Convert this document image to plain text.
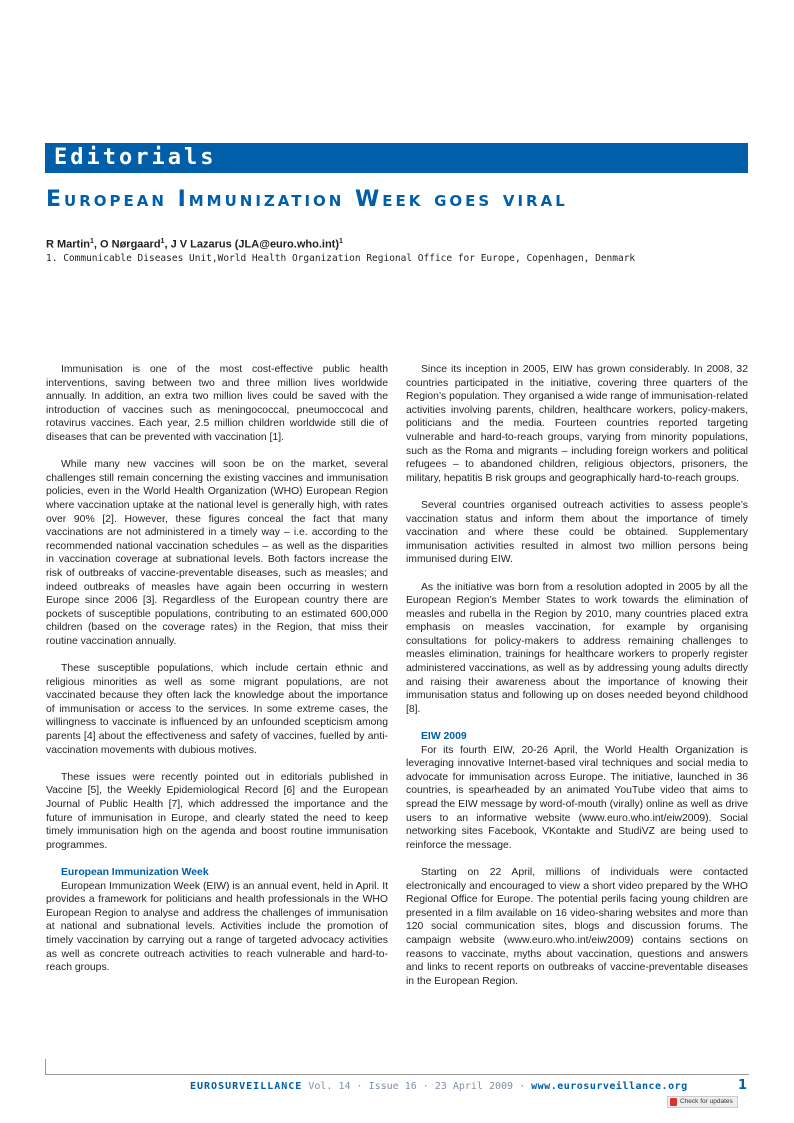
Editorials
European Immunization Week goes viral
R Martin$^1$, O Nørgaard$^1$, J V Lazarus (JLA@euro.who.int)$^1$
1. Communicable Diseases Unit,World Health Organization Regional Office for Europe, Copenhagen, Denmark

Immunisation is one of the most cost-effective public health interventions, saving between two and three million lives worldwide annually. In addition, an extra two million lives could be saved with the introduction of vaccines such as meningococcal, pneumoccocal and rotavirus vaccines. Each year, 2.5 million children worldwide still die of diseases that can be prevented with vaccination [1].

While many new vaccines will soon be on the market, several challenges still remain concerning the existing vaccines and immunisation policies, even in the World Health Organization (WHO) European Region where vaccination uptake at the national level is generally high, with rates over 90% [2]. However, these figures conceal the fact that many vaccinations are not administered in a timely way – i.e. according to the recommended national vaccination schedules – as well as the disparities in vaccination coverage at subnational levels. Both factors increase the risk of outbreaks of vaccine-preventable diseases, such as measles; and indeed outbreaks of measles have again been occurring in western Europe since 2006 [3]. Regardless of the European country there are pockets of susceptible populations, contributing to an estimated 600,000 children (based on the coverage rates) in the Region, that miss their routine vaccination annually.

These susceptible populations, which include certain ethnic and religious minorities as well as some migrant populations, are not vaccinated because they often lack the knowledge about the importance of immunisation or access to the services. In some extreme cases, the willingness to vaccinate is influenced by an unfounded scepticism among parents [4] about the effectiveness and safety of vaccines, fuelled by anti-vaccination movements with dubious motives.

These issues were recently pointed out in editorials published in Vaccine [5], the Weekly Epidemiological Record [6] and the European Journal of Public Health [7], which addressed the importance and the future of immunisation in Europe, and clearly stated the need to keep timely immunisation high on the agenda and boost routine immunisation programmes.

European Immunization Week

European Immunization Week (EIW) is an annual event, held in April. It provides a framework for politicians and health professionals in the WHO European Region to analyse and address the challenges of immunisation at national and subnational levels. Activities include the promotion of timely vaccination by carrying out a range of targeted advocacy activities as well as concrete outreach activities to reach vulnerable and hard-to-reach groups.

Since its inception in 2005, EIW has grown considerably. In 2008, 32 countries participated in the initiative, covering three quarters of the Region’s population. They organised a wide range of immunisation-related activities involving parents, children, healthcare workers, policy-makers, politicians and the media. Fourteen countries reported targeting vulnerable and hard-to-reach groups, varying from minority populations, such as the Roma and migrants – including foreign workers and political refugees – to abandoned children, religious objectors, prisoners, the military, hepatitis B risk groups and geographically hard-to-reach groups.

Several countries organised outreach activities to assess people’s vaccination status and inform them about the importance of timely vaccination and where these could be obtained. Supplementary immunisation activities resulted in almost two million persons being immunised during EIW.

As the initiative was born from a resolution adopted in 2005 by all the European Region’s Member States to work towards the elimination of measles and rubella in the Region by 2010, many countries placed extra emphasis on measles vaccination, for example by organising consultations for policy-makers to address remaining challenges to measles elimination, trainings for healthcare workers to properly register administered vaccinations, as well as by addressing young adults directly and raising their awareness about the importance of knowing their immunisation status and following up on doses needed beyond childhood [8].

EIW 2009

For its fourth EIW, 20-26 April, the World Health Organization is leveraging innovative Internet-based viral techniques and social media to advocate for immunisation across Europe. The initiative, launched in 36 countries, is spearheaded by an animated YouTube video that aims to spread the EIW message by word-of-mouth (virally) online as well as drive users to an informative website (www.euro.who.int/eiw2009). Social networking sites Facebook, VKontakte and StudiVZ are being used to reinforce the message.

Starting on 22 April, millions of individuals were contacted electronically and encouraged to view a short video prepared by the WHO Regional Office for Europe. The potential perils facing young children are presented in a film available on 16 video-sharing websites and more than 120 social communication sites, blogs and discussion forums. The campaign website (www.euro.who.int/eiw2009) contains sections on reasons to vaccinate, myths about vaccination, questions and answers and links to recent reports on outbreaks of vaccine-preventable diseases in the European Region.

EUROSURVEILLANCE Vol. 14 · Issue 16 · 23 April 2009 · www.eurosurveillance.org	1
Check for updates
